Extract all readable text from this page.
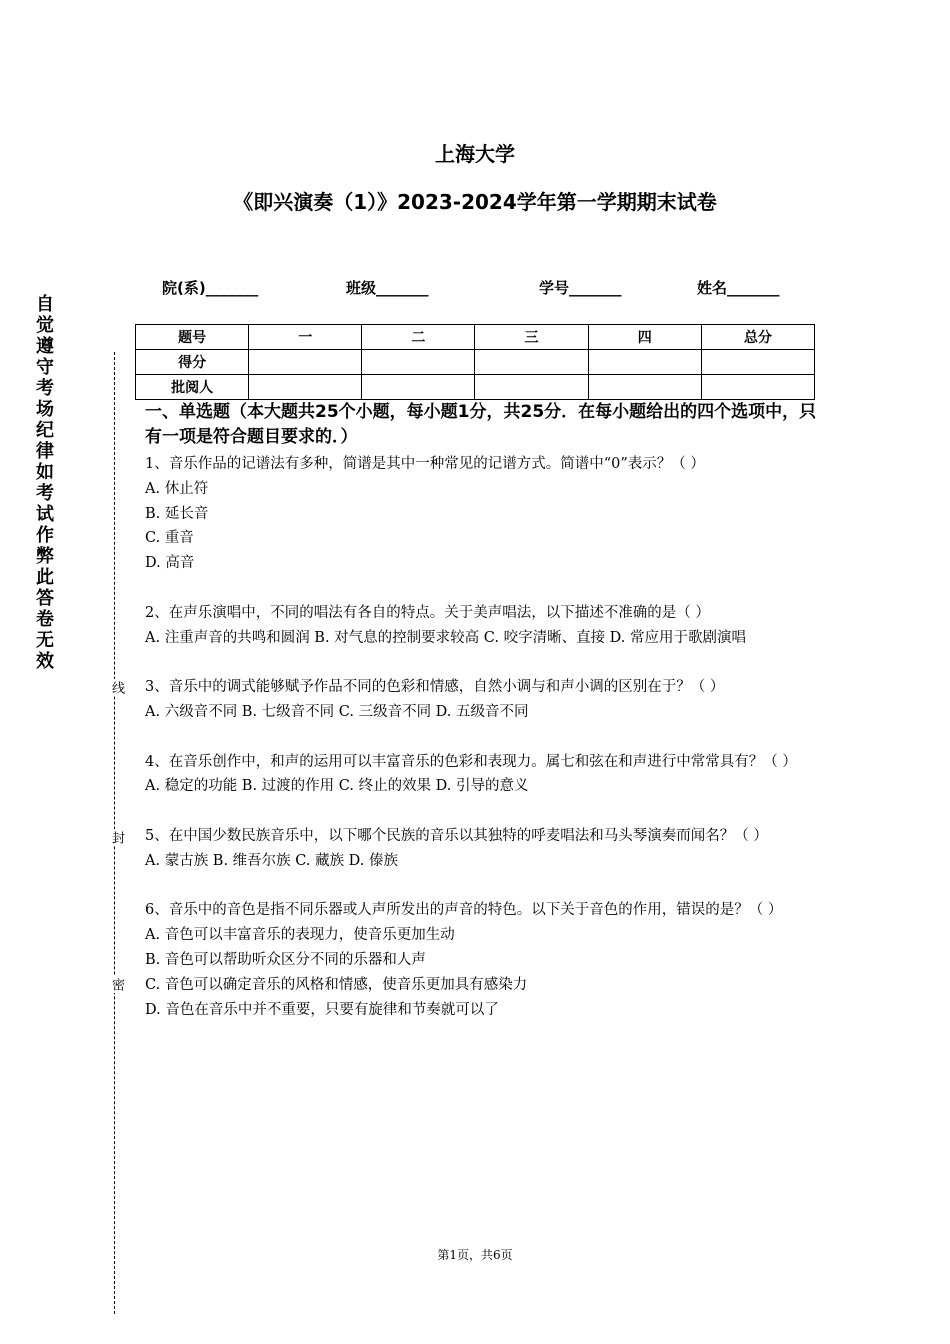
自觉遵守考场纪律如考试作弊此答卷无效
线
封
密
上海大学
《即兴演奏（1）》2023-2024学年第一学期期末试卷
院(系)_______	班级_______	学号_______	姓名_______
题号	一	二	三	四	总分
得分					
批阅人					
一、单选题（本大题共25个小题，每小题1分，共25分．在每小题给出的四个选项中，只有一项是符合题目要求的．）

1、音乐作品的记谱法有多种，简谱是其中一种常见的记谱方式。简谱中“0”表示？（ ）

A. 休止符

B. 延长音

C. 重音

D. 高音

2、在声乐演唱中，不同的唱法有各自的特点。关于美声唱法，以下描述不准确的是（ ）

A. 注重声音的共鸣和圆润 B. 对气息的控制要求较高 C. 咬字清晰、直接 D. 常应用于歌剧演唱

3、音乐中的调式能够赋予作品不同的色彩和情感，自然小调与和声小调的区别在于？（ ）

A. 六级音不同 B. 七级音不同 C. 三级音不同 D. 五级音不同

4、在音乐创作中，和声的运用可以丰富音乐的色彩和表现力。属七和弦在和声进行中常常具有？（ ）

A. 稳定的功能 B. 过渡的作用 C. 终止的效果 D. 引导的意义

5、在中国少数民族音乐中，以下哪个民族的音乐以其独特的呼麦唱法和马头琴演奏而闻名？（ ）

A. 蒙古族 B. 维吾尔族 C. 藏族 D. 傣族

6、音乐中的音色是指不同乐器或人声所发出的声音的特色。以下关于音色的作用，错误的是？（ ）

A. 音色可以丰富音乐的表现力，使音乐更加生动

B. 音色可以帮助听众区分不同的乐器和人声

C. 音色可以确定音乐的风格和情感，使音乐更加具有感染力

D. 音色在音乐中并不重要，只要有旋律和节奏就可以了

第1页，共6页
